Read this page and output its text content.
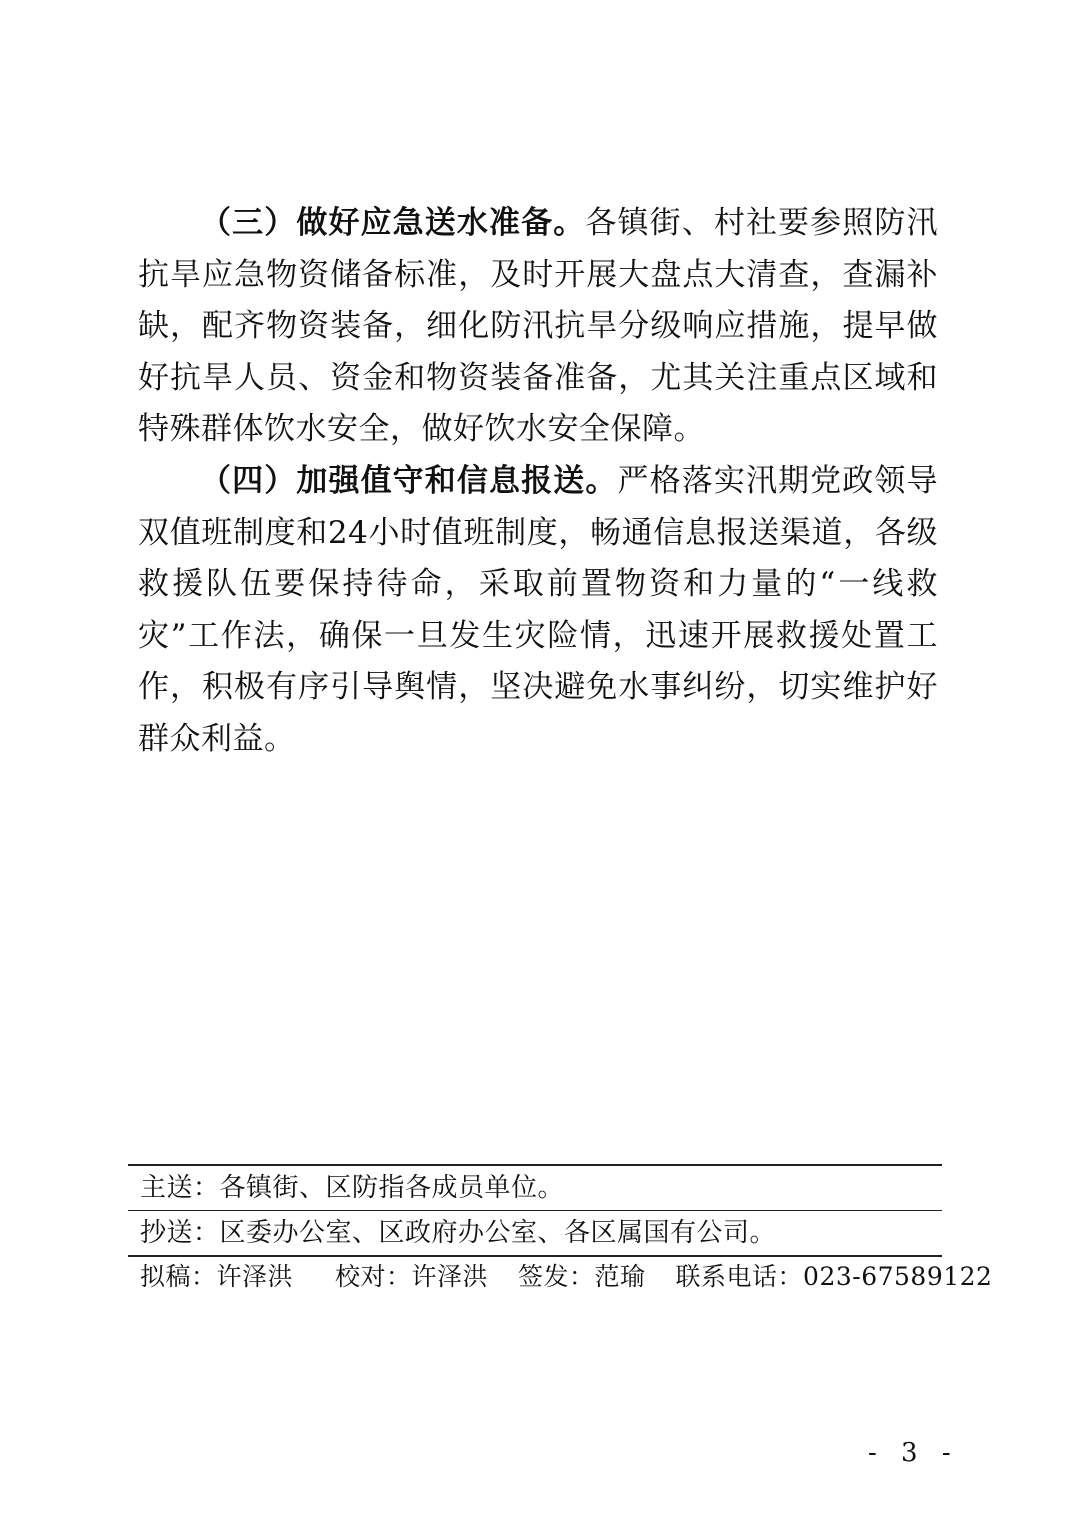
（三）做好应急送水准备。各镇街、村社要参照防汛抗旱应急物资储备标准，及时开展大盘点大清查，查漏补缺，配齐物资装备，细化防汛抗旱分级响应措施，提早做好抗旱人员、资金和物资装备准备，尤其关注重点区域和特殊群体饮水安全，做好饮水安全保障。

（四）加强值守和信息报送。严格落实汛期党政领导双值班制度和24小时值班制度，畅通信息报送渠道，各级救援队伍要保持待命，采取前置物资和力量的“一线救灾”工作法，确保一旦发生灾险情，迅速开展救援处置工作，积极有序引导舆情，坚决避免水事纠纷，切实维护好群众利益。

主送：各镇街、区防指各成员单位。
抄送：区委办公室、区政府办公室、各区属国有公司。
拟稿：许泽洪 校对：许泽洪 签发：范瑜 联系电话：023-67589122
- 3 -
